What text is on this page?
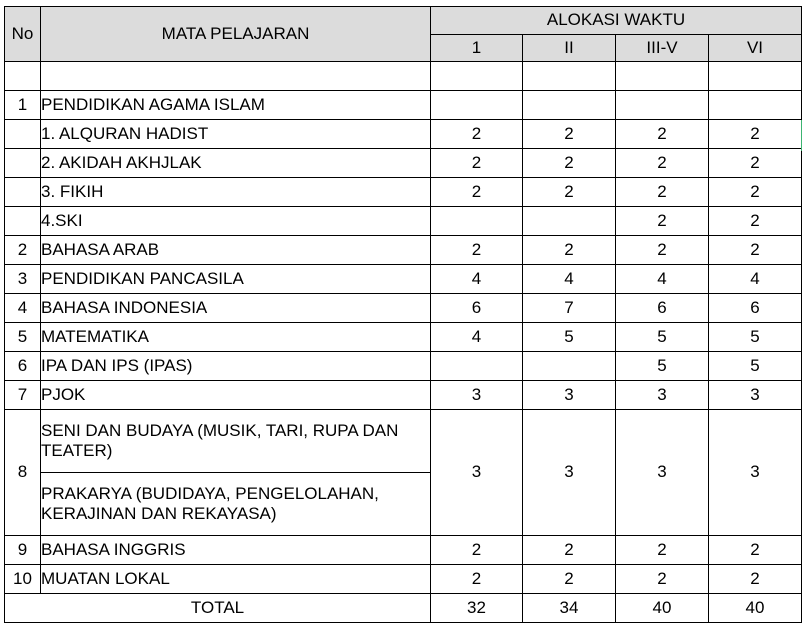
No	MATA PELAJARAN	ALOKASI WAKTU			
		1	II	III-V	VI

1	PENDIDIKAN AGAMA ISLAM				
	1. ALQURAN HADIST	2	2	2	2
	2. AKIDAH AKHJLAK	2	2	2	2
	3. FIKIH	2	2	2	2
	4.SKI			2	2
2	BAHASA ARAB	2	2	2	2
3	PENDIDIKAN PANCASILA	4	4	4	4
4	BAHASA INDONESIA	6	7	6	6
5	MATEMATIKA	4	5	5	5
6	IPA DAN IPS (IPAS)			5	5
7	PJOK	3	3	3	3
8	SENI DAN BUDAYA (MUSIK, TARI, RUPA DAN TEATER)	3	3	3	3
	PRAKARYA (BUDIDAYA, PENGELOLAHAN, KERAJINAN DAN REKAYASA)				
9	BAHASA INGGRIS	2	2	2	2
10	MUATAN LOKAL	2	2	2	2
TOTAL		32	34	40	40
